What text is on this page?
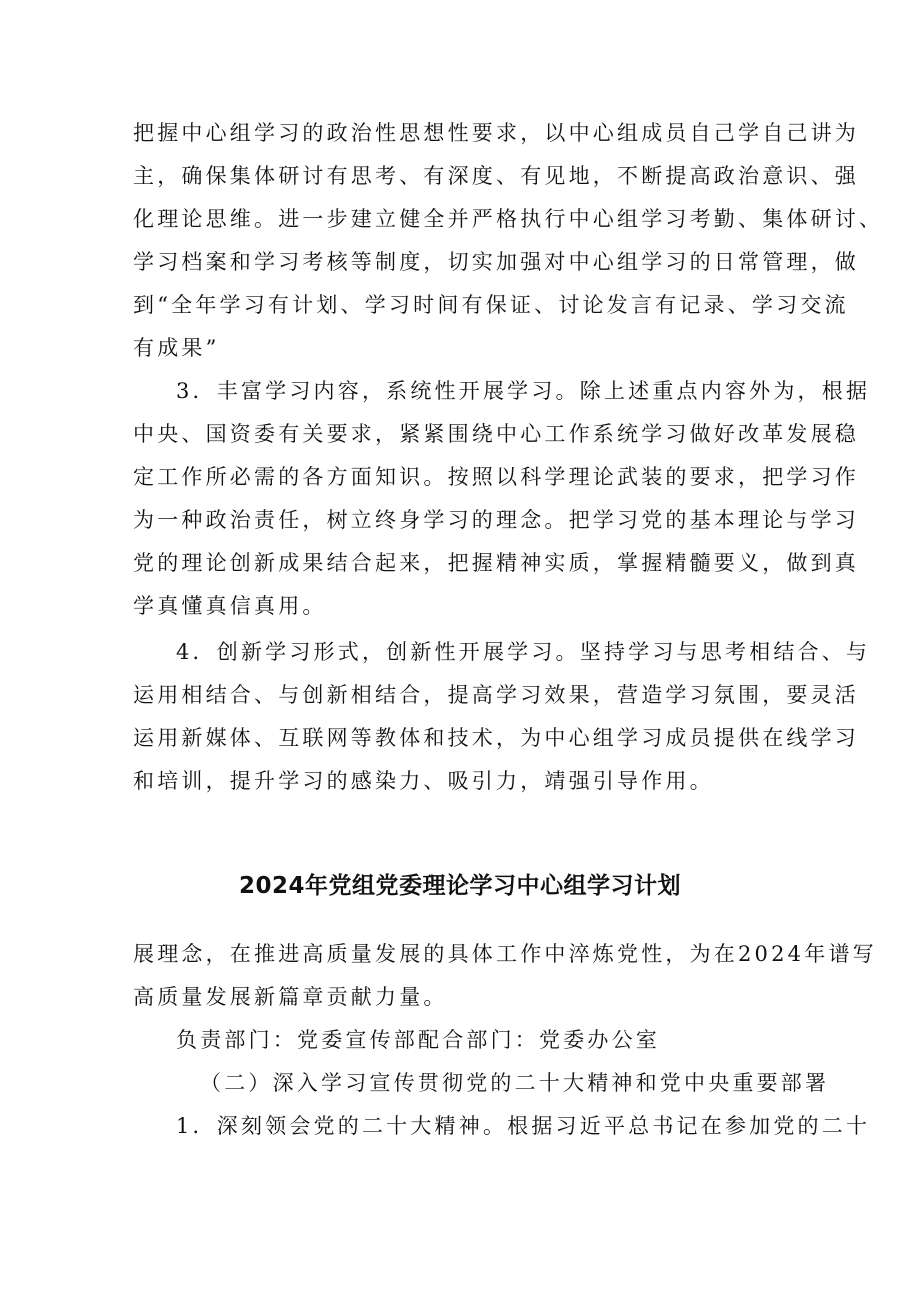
把握中心组学习的政治性思想性要求，以中心组成员自己学自己讲为
主，确保集体研讨有思考、有深度、有见地，不断提高政治意识、强
化理论思维。进一步建立健全并严格执行中心组学习考勤、集体研讨、
学习档案和学习考核等制度，切实加强对中心组学习的日常管理，做
到“全年学习有计划、学习时间有保证、讨论发言有记录、学习交流
有成果”
3．丰富学习内容，系统性开展学习。除上述重点内容外为，根据
中央、国资委有关要求，紧紧围绕中心工作系统学习做好改革发展稳
定工作所必需的各方面知识。按照以科学理论武装的要求，把学习作
为一种政治责任，树立终身学习的理念。把学习党的基本理论与学习
党的理论创新成果结合起来，把握精神实质，掌握精髓要义，做到真
学真懂真信真用。
4．创新学习形式，创新性开展学习。坚持学习与思考相结合、与
运用相结合、与创新相结合，提高学习效果，营造学习氛围，要灵活
运用新媒体、互联网等教体和技术，为中心组学习成员提供在线学习
和培训，提升学习的感染力、吸引力，靖强引导作用。
2024年党组党委理论学习中心组学习计划
展理念，在推进高质量发展的具体工作中淬炼党性，为在2024年谱写
高质量发展新篇章贡献力量。
负责部门：党委宣传部配合部门：党委办公室
（二）深入学习宣传贯彻党的二十大精神和党中央重要部署
1．深刻领会党的二十大精神。根据习近平总书记在参加党的二十
